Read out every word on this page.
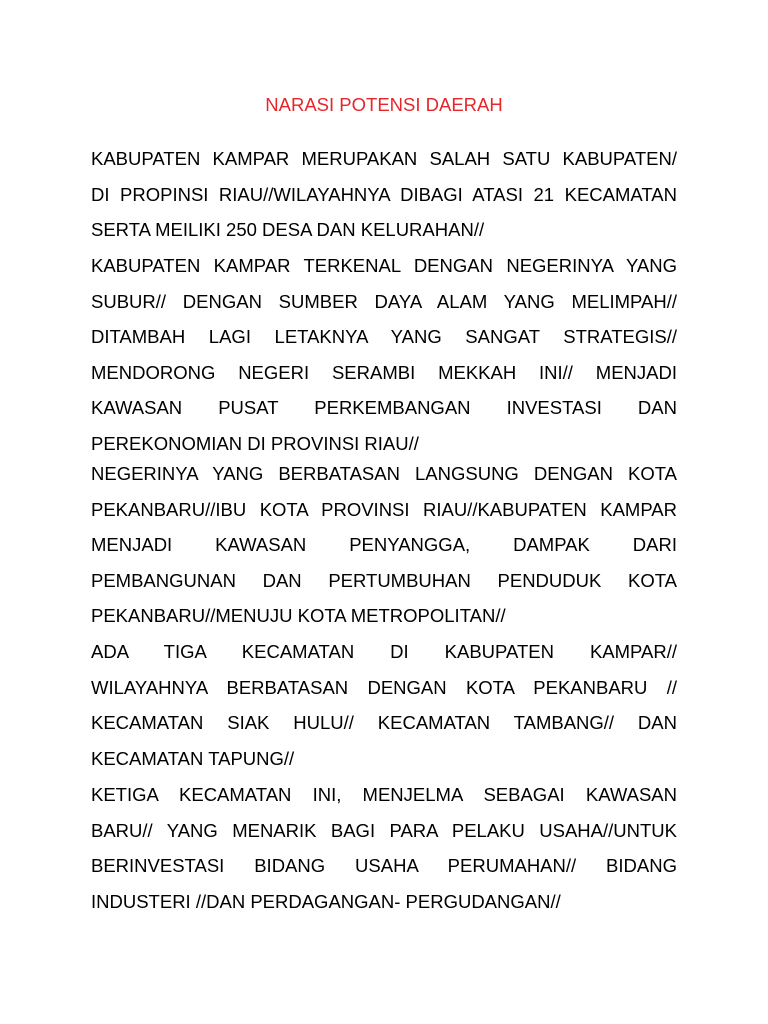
NARASI POTENSI DAERAH

KABUPATEN KAMPAR MERUPAKAN SALAH SATU KABUPATEN/
DI PROPINSI RIAU//WILAYAHNYA DIBAGI ATASI 21 KECAMATAN
SERTA MEILIKI 250 DESA DAN KELURAHAN//

KABUPATEN KAMPAR TERKENAL DENGAN NEGERINYA YANG
SUBUR// DENGAN SUMBER DAYA ALAM YANG MELIMPAH//
DITAMBAH LAGI LETAKNYA YANG SANGAT STRATEGIS//
MENDORONG NEGERI SERAMBI MEKKAH INI// MENJADI
KAWASAN PUSAT PERKEMBANGAN INVESTASI DAN
PEREKONOMIAN DI PROVINSI RIAU//

NEGERINYA YANG BERBATASAN LANGSUNG DENGAN KOTA
PEKANBARU//IBU KOTA PROVINSI RIAU//KABUPATEN KAMPAR
MENJADI KAWASAN PENYANGGA, DAMPAK DARI
PEMBANGUNAN DAN PERTUMBUHAN PENDUDUK KOTA
PEKANBARU//MENUJU KOTA METROPOLITAN//

ADA TIGA KECAMATAN DI KABUPATEN KAMPAR//
WILAYAHNYA BERBATASAN DENGAN KOTA PEKANBARU //
KECAMATAN SIAK HULU// KECAMATAN TAMBANG// DAN
KECAMATAN TAPUNG//

KETIGA KECAMATAN INI, MENJELMA SEBAGAI KAWASAN
BARU// YANG MENARIK BAGI PARA PELAKU USAHA//UNTUK
BERINVESTASI BIDANG USAHA PERUMAHAN// BIDANG
INDUSTERI //DAN PERDAGANGAN- PERGUDANGAN//
